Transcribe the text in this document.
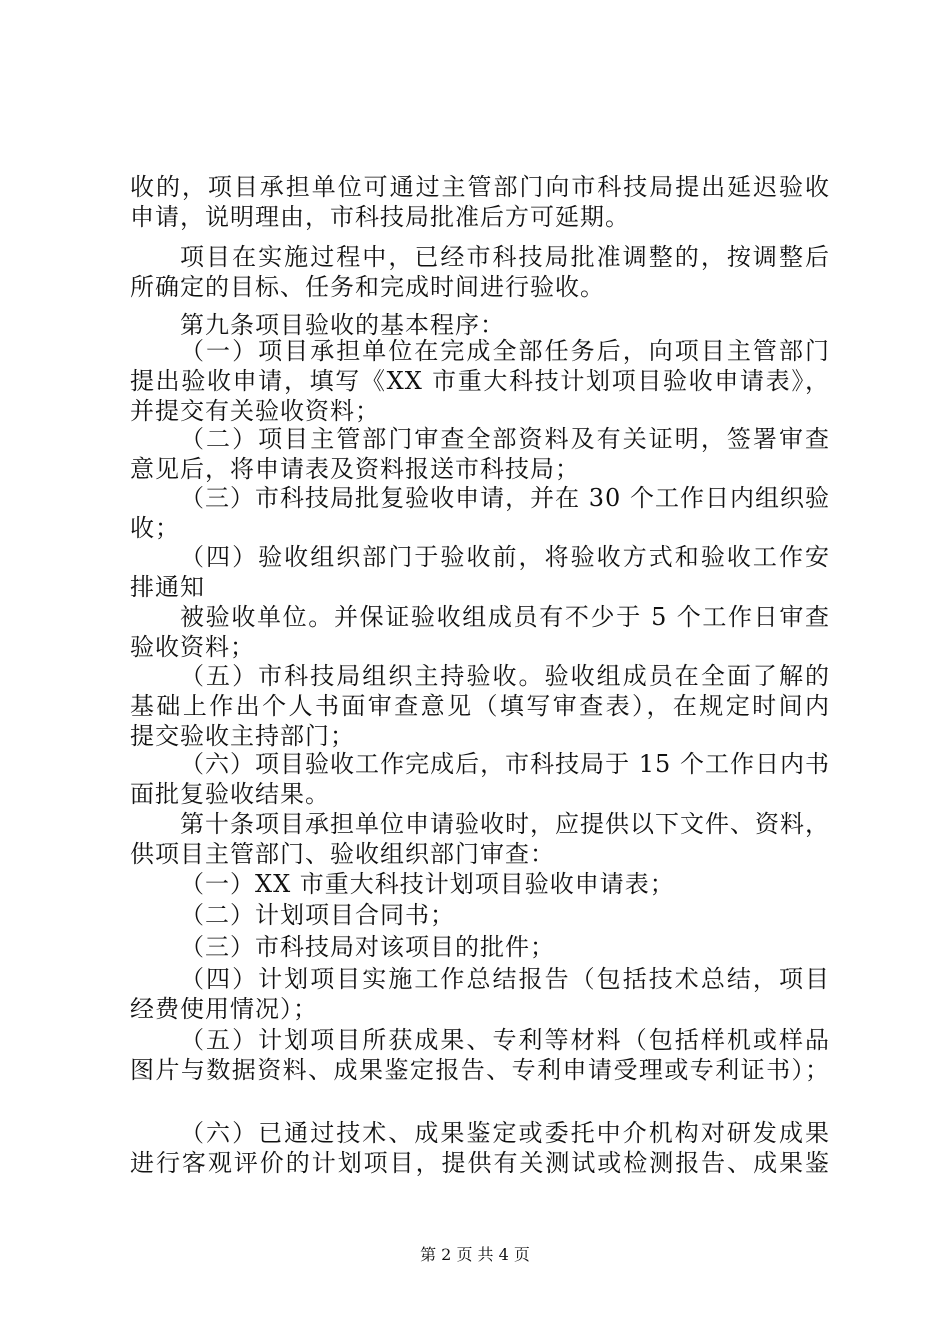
收的，项目承担单位可通过主管部门向市科技局提出延迟验收
申请，说明理由，市科技局批准后方可延期。
项目在实施过程中，已经市科技局批准调整的，按调整后
所确定的目标、任务和完成时间进行验收。
第九条项目验收的基本程序：
（一）项目承担单位在完成全部任务后，向项目主管部门
提出验收申请，填写《XX 市重大科技计划项目验收申请表》，
并提交有关验收资料；
（二）项目主管部门审查全部资料及有关证明，签署审查
意见后，将申请表及资料报送市科技局；
（三）市科技局批复验收申请，并在 30 个工作日内组织验
收；
（四）验收组织部门于验收前，将验收方式和验收工作安
排通知
被验收单位。并保证验收组成员有不少于 5 个工作日审查
验收资料；
（五）市科技局组织主持验收。验收组成员在全面了解的
基础上作出个人书面审查意见（填写审查表），在规定时间内
提交验收主持部门；
（六）项目验收工作完成后，市科技局于 15 个工作日内书
面批复验收结果。
第十条项目承担单位申请验收时，应提供以下文件、资料，
供项目主管部门、验收组织部门审查：
（一）XX 市重大科技计划项目验收申请表；
（二）计划项目合同书；
（三）市科技局对该项目的批件；
（四）计划项目实施工作总结报告（包括技术总结，项目
经费使用情况）；
（五）计划项目所获成果、专利等材料（包括样机或样品
图片与数据资料、成果鉴定报告、专利申请受理或专利证书）；
（六）已通过技术、成果鉴定或委托中介机构对研发成果
进行客观评价的计划项目，提供有关测试或检测报告、成果鉴
第 2 页 共 4 页
